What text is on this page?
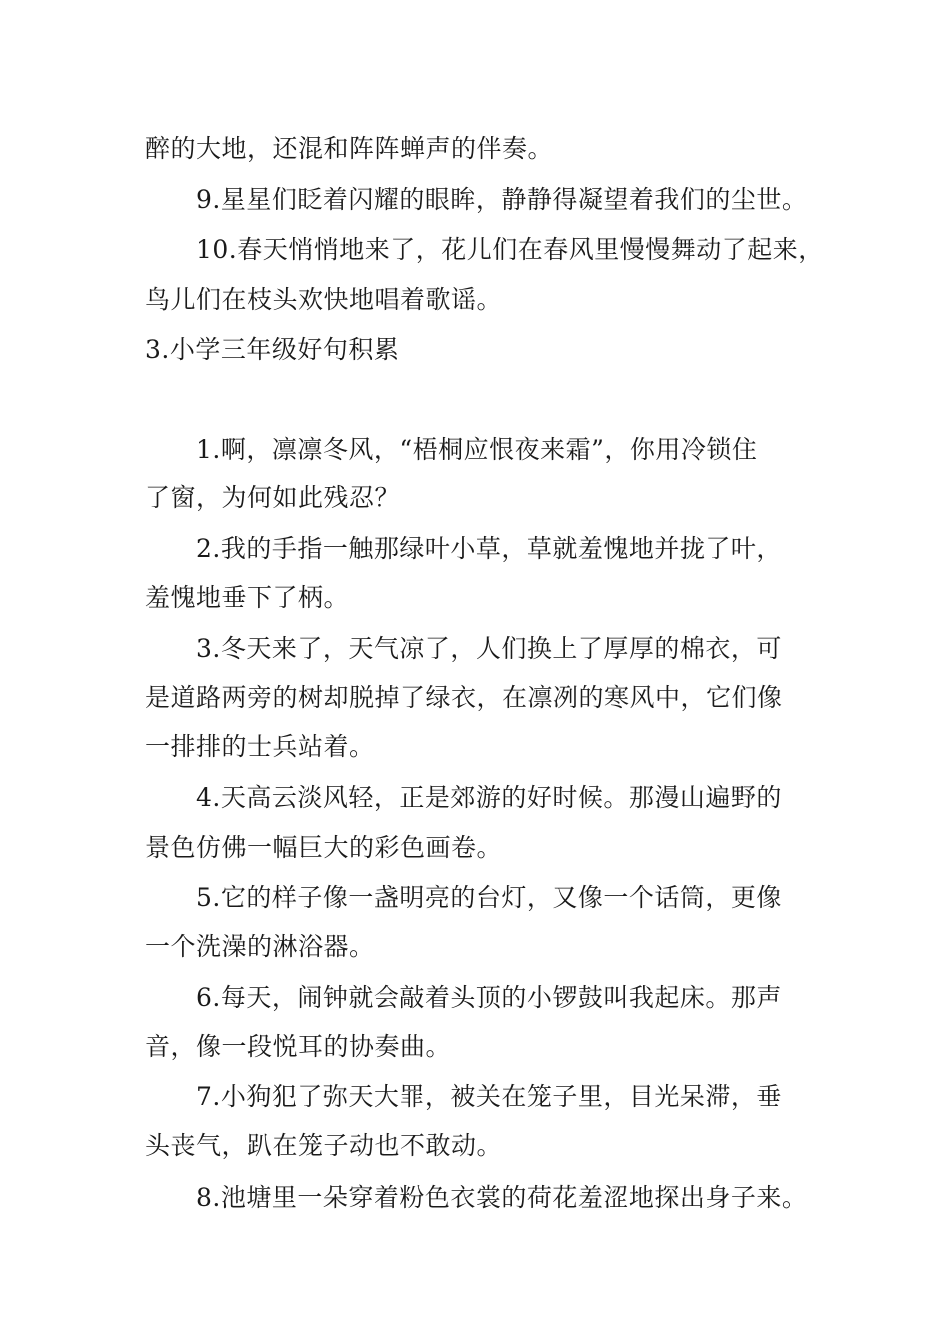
醉的大地，还混和阵阵蝉声的伴奏。
9.星星们眨着闪耀的眼眸，静静得凝望着我们的尘世。
10.春天悄悄地来了，花儿们在春风里慢慢舞动了起来，
鸟儿们在枝头欢快地唱着歌谣。
3.小学三年级好句积累
1.啊，凛凛冬风，“梧桐应恨夜来霜”，你用冷锁住
了窗，为何如此残忍？
2.我的手指一触那绿叶小草，草就羞愧地并拢了叶，
羞愧地垂下了柄。
3.冬天来了，天气凉了，人们换上了厚厚的棉衣，可
是道路两旁的树却脱掉了绿衣，在凛冽的寒风中，它们像
一排排的士兵站着。
4.天高云淡风轻，正是郊游的好时候。那漫山遍野的
景色仿佛一幅巨大的彩色画卷。
5.它的样子像一盏明亮的台灯，又像一个话筒，更像
一个洗澡的淋浴器。
6.每天，闹钟就会敲着头顶的小锣鼓叫我起床。那声
音，像一段悦耳的协奏曲。
7.小狗犯了弥天大罪，被关在笼子里，目光呆滞，垂
头丧气，趴在笼子动也不敢动。
8.池塘里一朵穿着粉色衣裳的荷花羞涩地探出身子来。
